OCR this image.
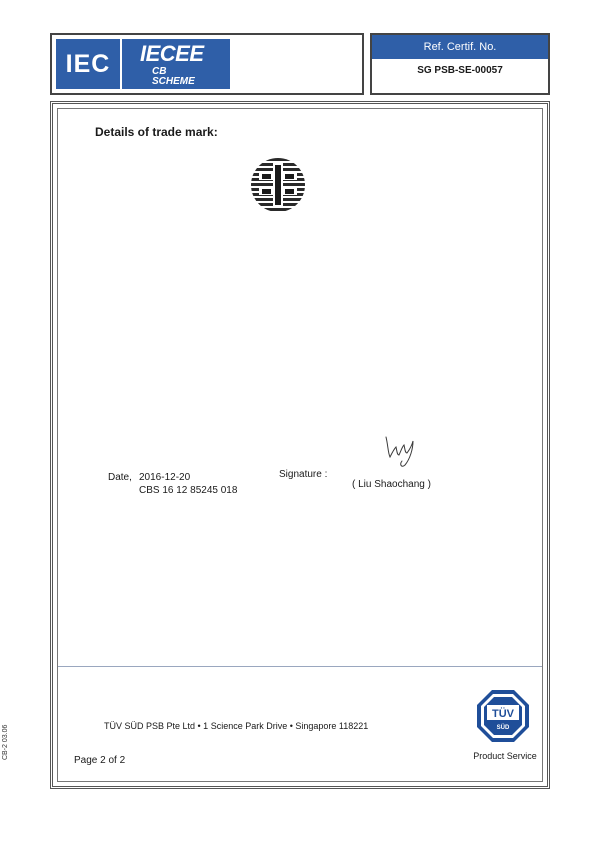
IEC IECEE
CB
SCHEME
Ref. Certif. No.
SG PSB-SE-00057
Details of trade mark:
Date, 2016-12-20
CBS 16 12 85245 018
Signature :
( Liu Shaochang )
TÜV SÜD PSB Pte Ltd • 1 Science Park Drive • Singapore 118221
Page 2 of 2
TÜV
SÜD
Product Service
CB-2 03.06
